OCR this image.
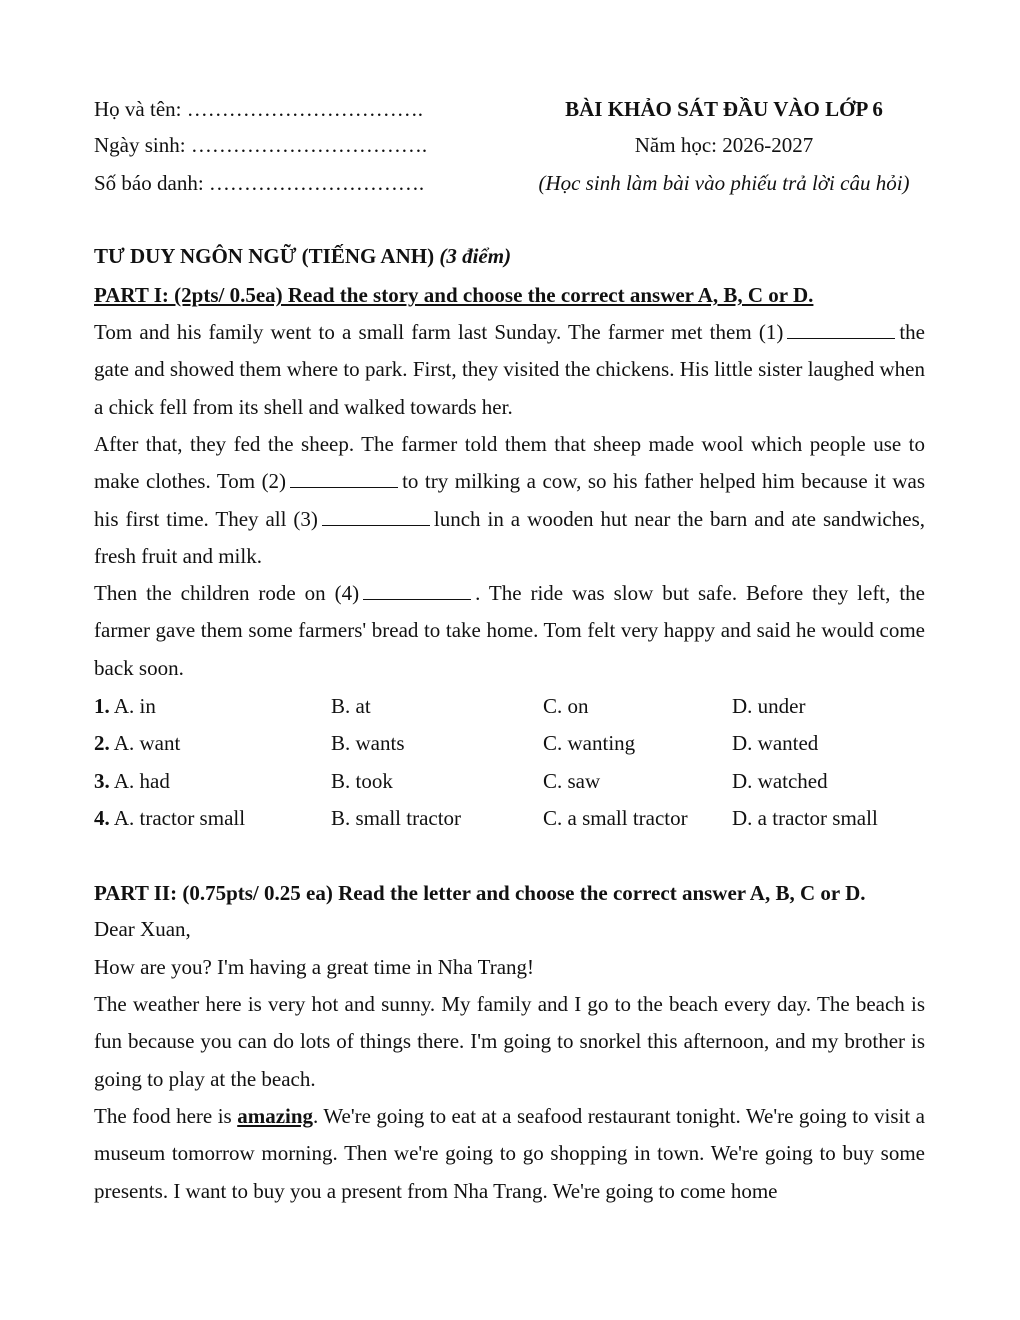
Họ và tên: …………………………….
Ngày sinh: …………………………….
Số báo danh: ………………………….
BÀI KHẢO SÁT ĐẦU VÀO LỚP 6
Năm học: 2026-2027
(Học sinh làm bài vào phiếu trả lời câu hỏi)
TƯ DUY NGÔN NGỮ (TIẾNG ANH) (3 điểm)
PART I: (2pts/ 0.5ea) Read the story and choose the correct answer A, B, C or D.
Tom and his family went to a small farm last Sunday. The farmer met them (1)	the gate and showed them where to park. First, they visited the chickens. His little sister laughed when a chick fell from its shell and walked towards her.
After that, they fed the sheep. The farmer told them that sheep made wool which people use to make clothes. Tom (2)	to try milking a cow, so his father helped him because it was his first time. They all (3)	lunch in a wooden hut near the barn and ate sandwiches, fresh fruit and milk.
Then the children rode on (4)	. The ride was slow but safe. Before they left, the farmer gave them some farmers' bread to take home. Tom felt very happy and said he would come back soon.
1. A. in	B. at	C. on	D. under
2. A. want	B. wants	C. wanting	D. wanted
3. A. had	B. took	C. saw	D. watched
4. A. tractor small	B. small tractor	C. a small tractor D. a tractor small
PART II: (0.75pts/ 0.25 ea) Read the letter and choose the correct answer A, B, C or D.
Dear Xuan,
How are you? I'm having a great time in Nha Trang!
The weather here is very hot and sunny. My family and I go to the beach every day. The beach is fun because you can do lots of things there. I'm going to snorkel this afternoon, and my brother is going to play at the beach.
The food here is amazing. We're going to eat at a seafood restaurant tonight. We're going to visit a museum tomorrow morning. Then we're going to go shopping in town. We're going to buy some presents. I want to buy you a present from Nha Trang. We're going to come home
